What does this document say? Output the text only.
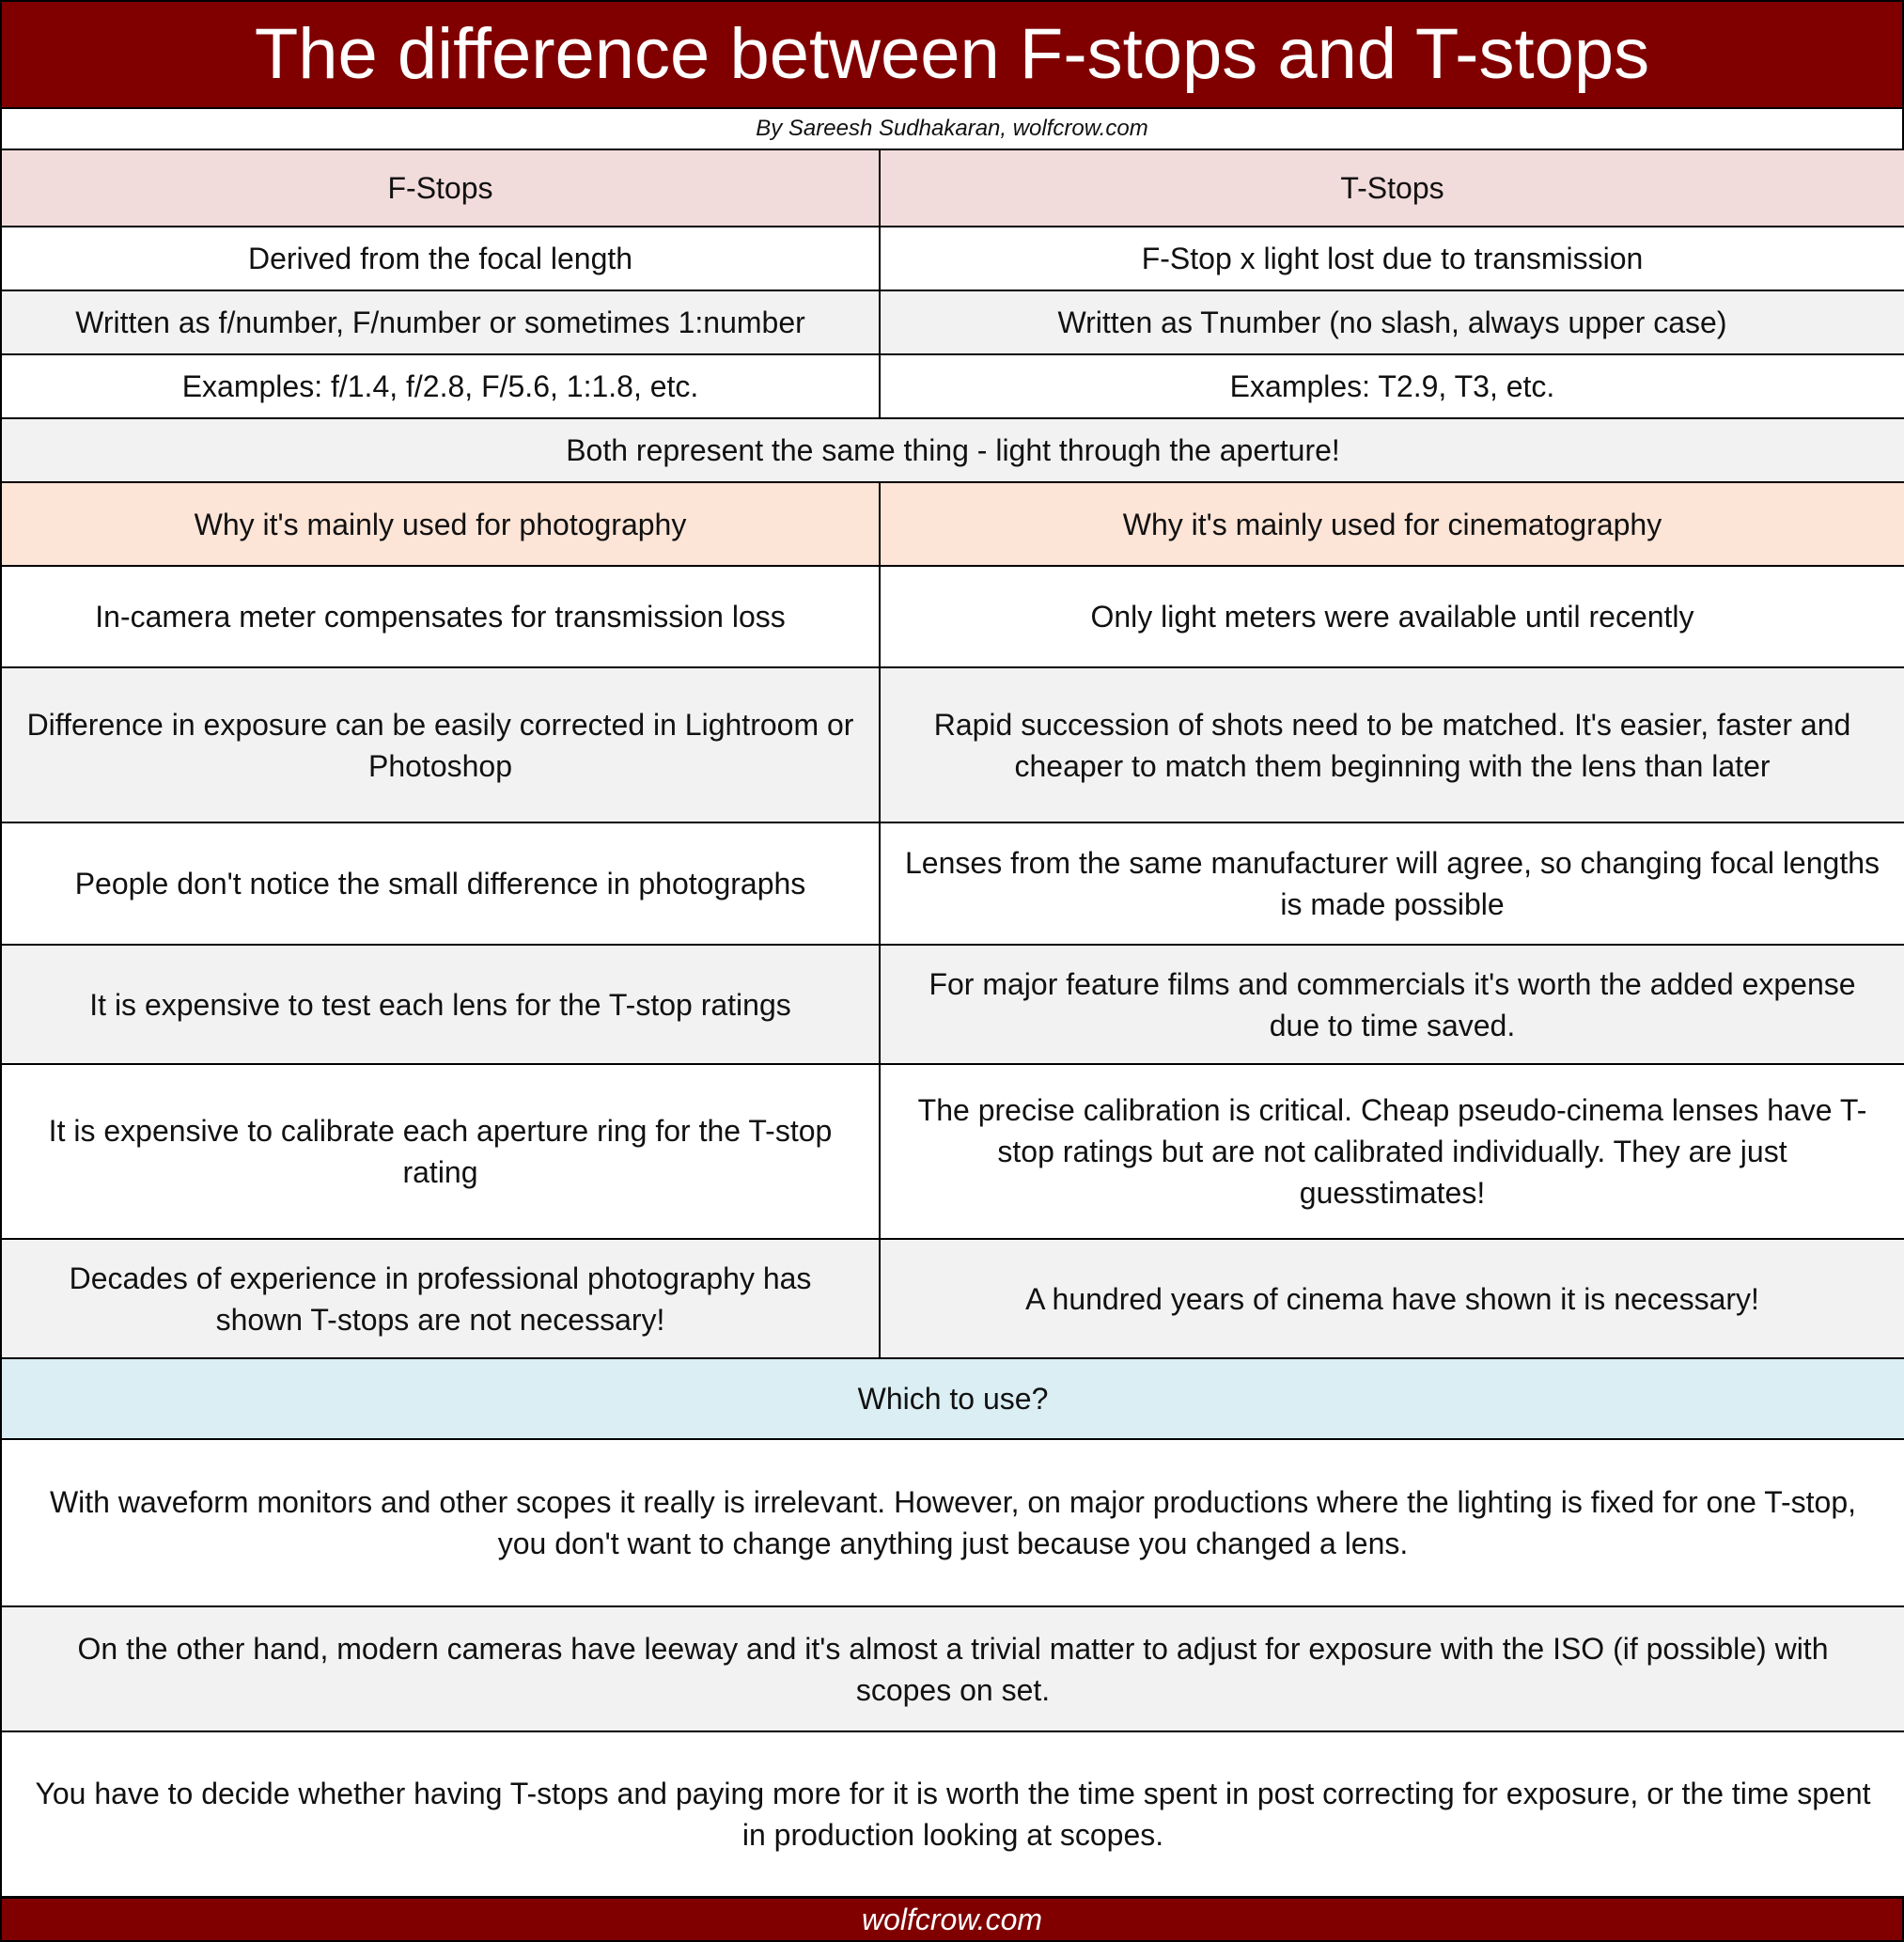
The difference between F-stops and T-stops
By Sareesh Sudhakaran, wolfcrow.com
F-Stops	T-Stops
Derived from the focal length	F-Stop x light lost due to transmission
Written as f/number, F/number or sometimes 1:number	Written as Tnumber (no slash, always upper case)
Examples: f/1.4, f/2.8, F/5.6, 1:1.8, etc.	Examples: T2.9, T3, etc.
Both represent the same thing - light through the aperture!	
Why it's mainly used for photography	Why it's mainly used for cinematography
In-camera meter compensates for transmission loss	Only light meters were available until recently
Difference in exposure can be easily corrected in Lightroom or Photoshop	Rapid succession of shots need to be matched. It's easier, faster and cheaper to match them beginning with the lens than later
People don't notice the small difference in photographs	Lenses from the same manufacturer will agree, so changing focal lengths is made possible
It is expensive to test each lens for the T-stop ratings	For major feature films and commercials it's worth the added expense due to time saved.
It is expensive to calibrate each aperture ring for the T-stop rating	The precise calibration is critical. Cheap pseudo-cinema lenses have T-stop ratings but are not calibrated individually. They are just guesstimates!
Decades of experience in professional photography has shown T-stops are not necessary!	A hundred years of cinema have shown it is necessary!
Which to use?	
With waveform monitors and other scopes it really is irrelevant. However, on major productions where the lighting is fixed for one T-stop, you don't want to change anything just because you changed a lens.	
On the other hand, modern cameras have leeway and it's almost a trivial matter to adjust for exposure with the ISO (if possible) with scopes on set.	
You have to decide whether having T-stops and paying more for it is worth the time spent in post correcting for exposure, or the time spent in production looking at scopes.	
wolfcrow.com
